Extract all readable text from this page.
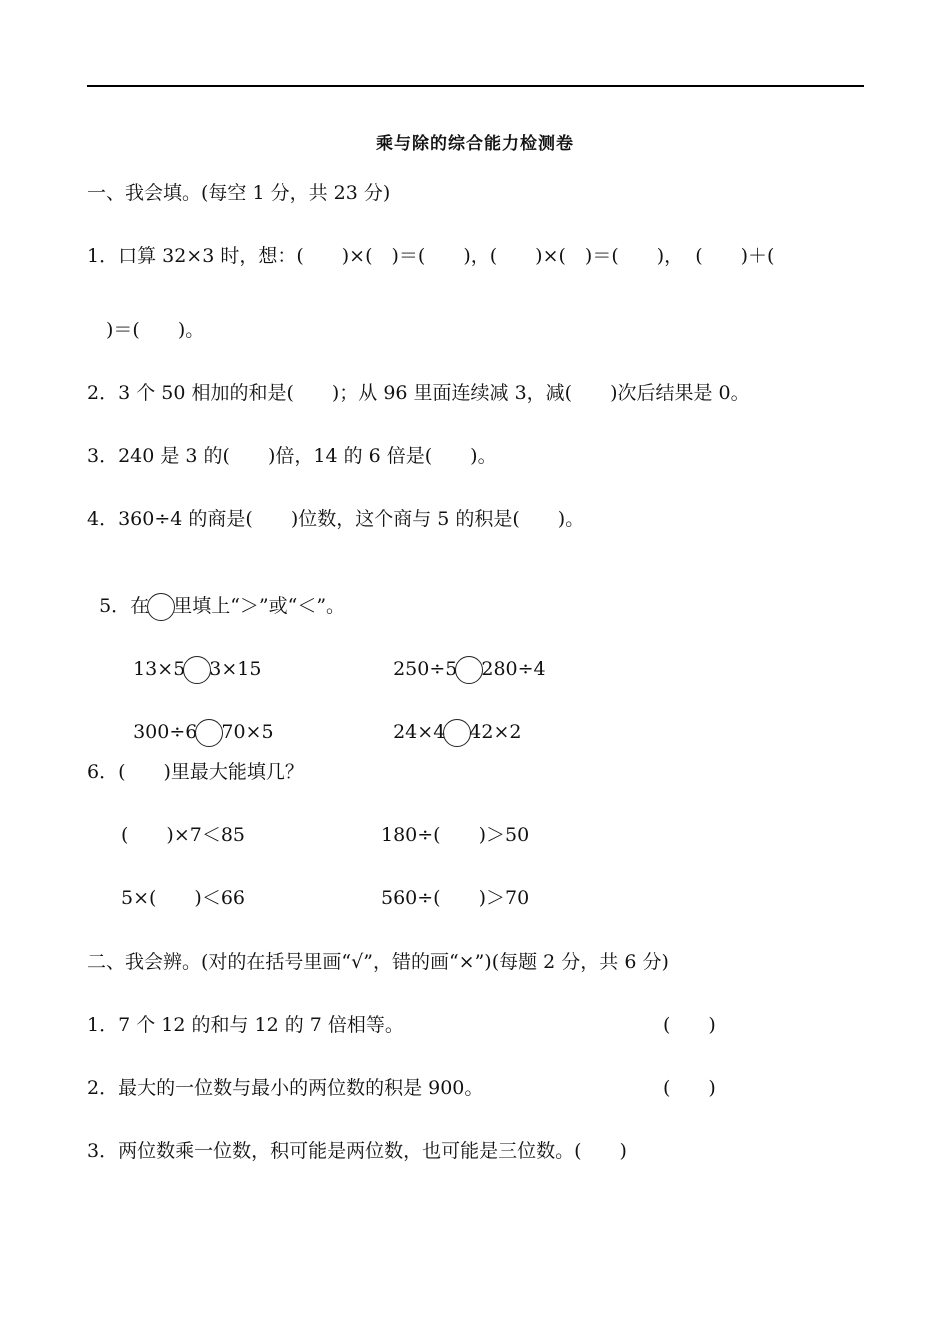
乘与除的综合能力检测卷
一、我会填。(每空 1 分，共 23 分)
1．口算 32×3 时，想：(　　)×(　)＝(　　)，(　　)×(　)＝(　　)，  (　　)＋(
　)＝(　　)。
2．3 个 50 相加的和是(　　)；从 96 里面连续减 3，减(　　)次后结果是 0。
3．240 是 3 的(　　)倍，14 的 6 倍是(　　)。
4．360÷4 的商是(　　)位数，这个商与 5 的积是(　　)。

5．在 里填上“＞”或“＜”。

13×5 3×15	250÷5 280÷4

300÷6 70×5	24×4 42×2

6．(　　)里最大能填几？
(　　)×7＜85	180÷(　　)＞50
5×(　　)＜66	560÷(　　)＞70
二、我会辨。(对的在括号里画“√”，错的画“×”)(每题 2 分，共 6 分)
1．7 个 12 的和与 12 的 7 倍相等。	(　　)
2．最大的一位数与最小的两位数的积是 900。	(　　)
3．两位数乘一位数，积可能是两位数，也可能是三位数。(　　)
